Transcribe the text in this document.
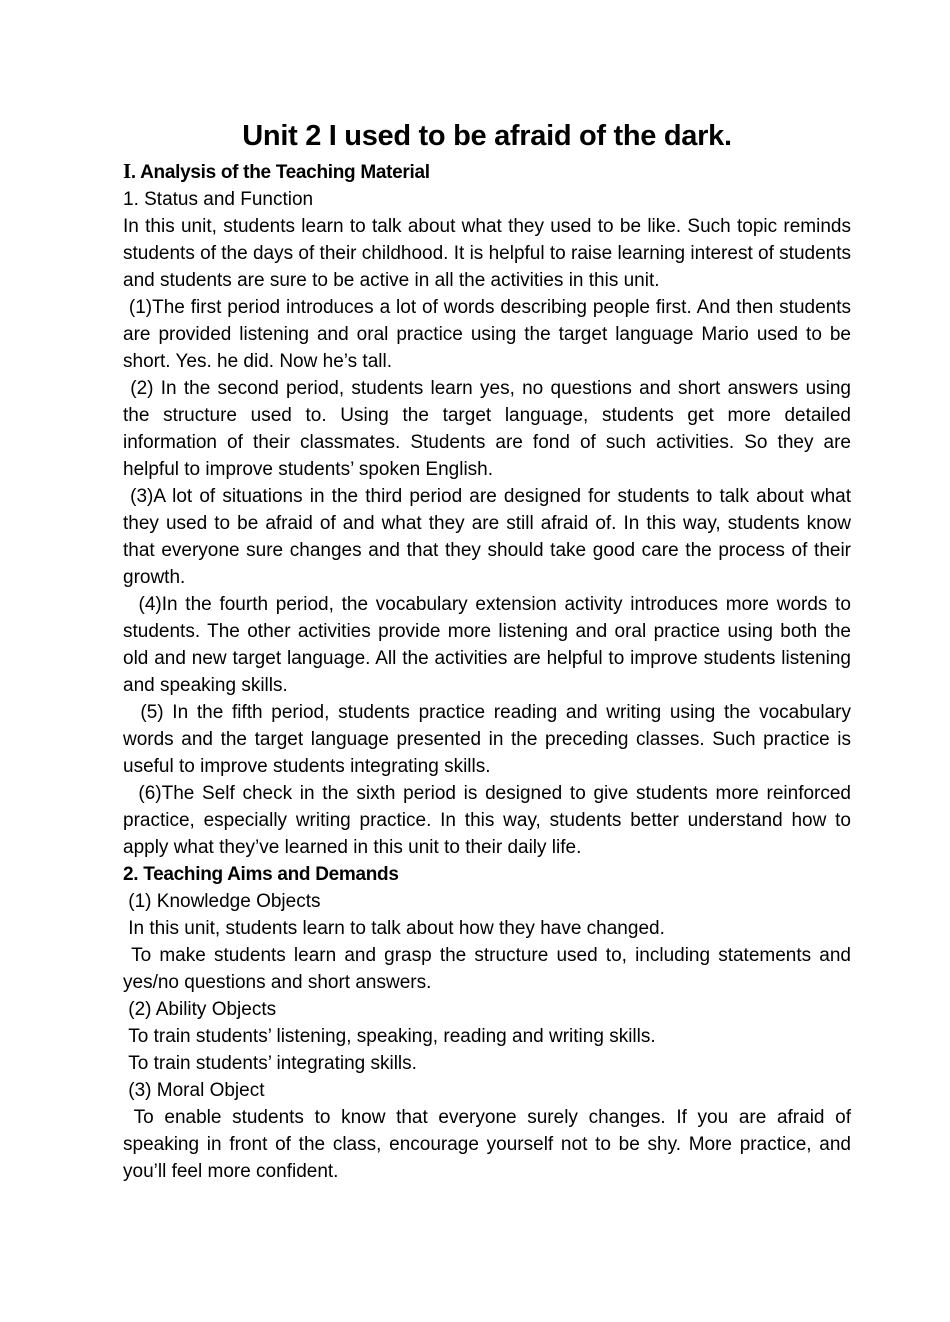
Unit 2 I used to be afraid of the dark.

I. Analysis of the Teaching Material

1. Status and Function

In this unit, students learn to talk about what they used to be like. Such topic reminds students of the days of their childhood. It is helpful to raise learning interest of students and students are sure to be active in all the activities in this unit.

(1)The first period introduces a lot of words describing people first. And then students are provided listening and oral practice using the target language Mario used to be short. Yes. he did. Now he’s tall.

(2) In the second period, students learn yes, no questions and short answers using the structure used to. Using the target language, students get more detailed information of their classmates. Students are fond of such activities. So they are helpful to improve students’ spoken English.

(3)A lot of situations in the third period are designed for students to talk about what they used to be afraid of and what they are still afraid of. In this way, students know that everyone sure changes and that they should take good care the process of their growth.

(4)In the fourth period, the vocabulary extension activity introduces more words to students. The other activities provide more listening and oral practice using both the old and new target language. All the activities are helpful to improve students listening and speaking skills.

(5) In the fifth period, students practice reading and writing using the vocabulary words and the target language presented in the preceding classes. Such practice is useful to improve students integrating skills.

(6)The Self check in the sixth period is designed to give students more reinforced practice, especially writing practice. In this way, students better understand how to apply what they’ve learned in this unit to their daily life.

2. Teaching Aims and Demands

(1) Knowledge Objects

In this unit, students learn to talk about how they have changed.

To make students learn and grasp the structure used to, including statements and yes/no questions and short answers.

(2) Ability Objects

To train students’ listening, speaking, reading and writing skills.

To train students’ integrating skills.

(3) Moral Object

To enable students to know that everyone surely changes. If you are afraid of speaking in front of the class, encourage yourself not to be shy. More practice, and you’ll feel more confident.
